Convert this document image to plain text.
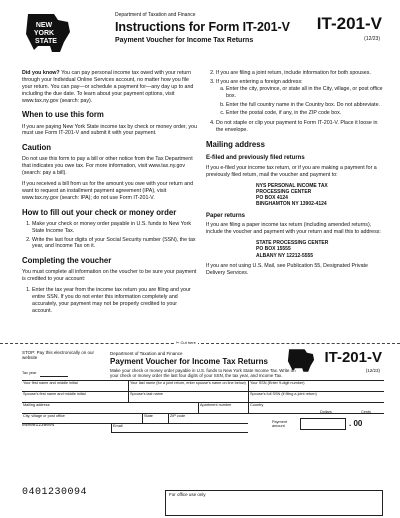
NEW
YORK
STATE
Department of Taxation and Finance
Instructions for Form IT-201-V
Payment Voucher for Income Tax Returns
IT-201-V
(12/23)

Did you know? You can pay personal income tax owed with your return through your Individual Online Services account, no matter how you file your return. You can pay—or schedule a payment for—any day up to and including the due date. To learn about your payment options, visit www.tax.ny.gov (search: pay).

When to use this form

If you are paying New York State income tax by check or money order, you must use Form IT-201-V and submit it with your payment.

Caution

Do not use this form to pay a bill or other notice from the Tax Department that indicates you owe tax. For more information, visit www.tax.ny.gov (search: pay a bill).

If you received a bill from us for the amount you owe with your return and want to request an installment payment agreement (IPA), visit www.tax.ny.gov (search: IPA); do not use Form IT-201-V.

How to fill out your check or money order
1. Make your check or money order payable in U.S. funds to New York State Income Tax.
2. Write the last four digits of your Social Security number (SSN), the tax year, and Income Tax on it.
Completing the voucher

You must complete all information on the voucher to be sure your payment is credited to your account:

1. Enter the tax year from the income tax return you are filing and your entire SSN. If you do not enter this information completely and accurately, your payment may not be properly credited to your account.
2. If you are filing a joint return, include information for both spouses.
3. If you are entering a foreign address:
a. Enter the city, province, or state all in the City, village, or post office box.
b. Enter the full country name in the Country box. Do not abbreviate.
c. Enter the postal code, if any, in the ZIP code box.
4. Do not staple or clip your payment to Form IT-201-V. Place it loose in the envelope.
Mailing address
E-filed and previously filed returns

If you e-filed your income tax return, or if you are making a payment for a previously filed return, mail the voucher and payment to:

NYS PERSONAL INCOME TAX
PROCESSING CENTER
PO BOX 4124
BINGHAMTON NY 13902-4124
Paper returns

If you are filing a paper income tax return (including amended returns), include the voucher and payment with your return and mail this to address:

STATE PROCESSING CENTER
PO BOX 15555
ALBANY NY 12212-5555

If you are not using U.S. Mail, see Publication 55, Designated Private Delivery Services.

✂ Cut here
STOP: Pay this electronically on our website
Department of Taxation and Finance
Payment Voucher for Income Tax Returns
Make your check or money order payable in U.S. funds to New York State Income Tax. Write on your check or money order the last four digits of your SSN, the tax year, and Income Tax.
IT-201-V
(12/23)
Tax year
Your first name and middle initial	Your last name (for a joint return, enter spouse's name on line below) Your SSN (Enter 9-digit number)
Spouse's first name and middle initial	Spouse's last name	Spouse's full SSN (if filing a joint return)
Mailing address	Apartment number	Country
City, village or post office	State	ZIP code
040001230094	Email
Dollars	Cents
Payment amount	. 00
0401230094	For office use only
